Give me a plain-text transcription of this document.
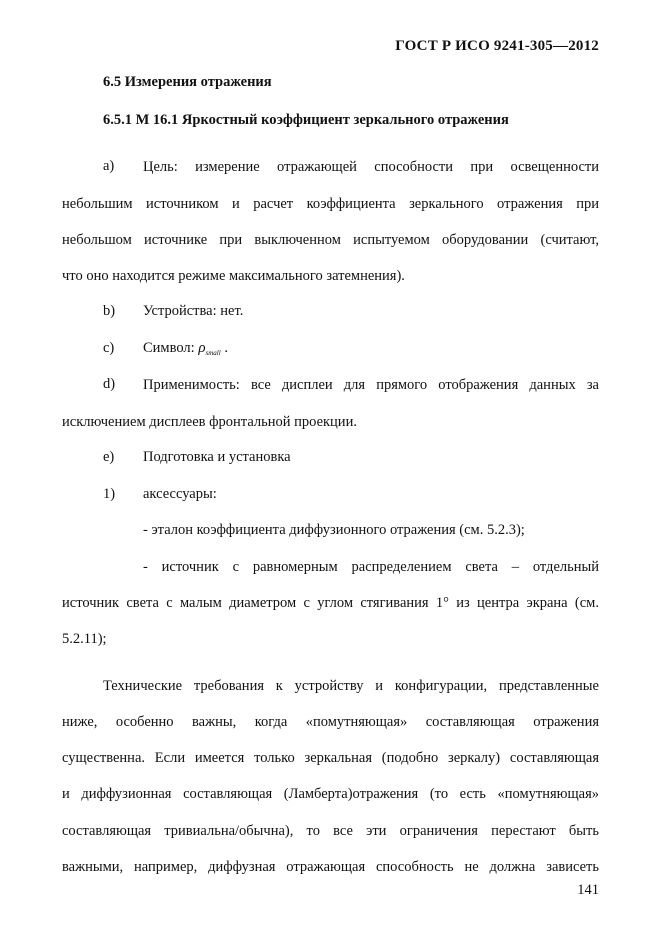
ГОСТ Р ИСО 9241-305—2012
6.5 Измерения отражения
6.5.1 М 16.1 Яркостный коэффициент зеркального отражения
а) Цель: измерение отражающей способности при освещенности
небольшим источником и расчет коэффициента зеркального отражения при
небольшом источнике при выключенном испытуемом оборудовании (считают,
что оно находится режиме максимального затемнения).
b) Устройства: нет.
c) Символ: $\rho_{small}$ .
d) Применимость: все дисплеи для прямого отображения данных за
исключением дисплеев фронтальной проекции.
e) Подготовка и установка
1) аксессуары:
- эталон коэффициента диффузионного отражения (см. 5.2.3);
- источник с равномерным распределением света – отдельный
источник света с малым диаметром с углом стягивания 1° из центра экрана (см.
5.2.11);
Технические требования к устройству и конфигурации, представленные
ниже, особенно важны, когда «помутняющая» составляющая отражения
существенна. Если имеется только зеркальная (подобно зеркалу) составляющая
и диффузионная составляющая (Ламберта)отражения (то есть «помутняющая»
составляющая тривиальна/обычна), то все эти ограничения перестают быть
важными, например, диффузная отражающая способность не должна зависеть
141
